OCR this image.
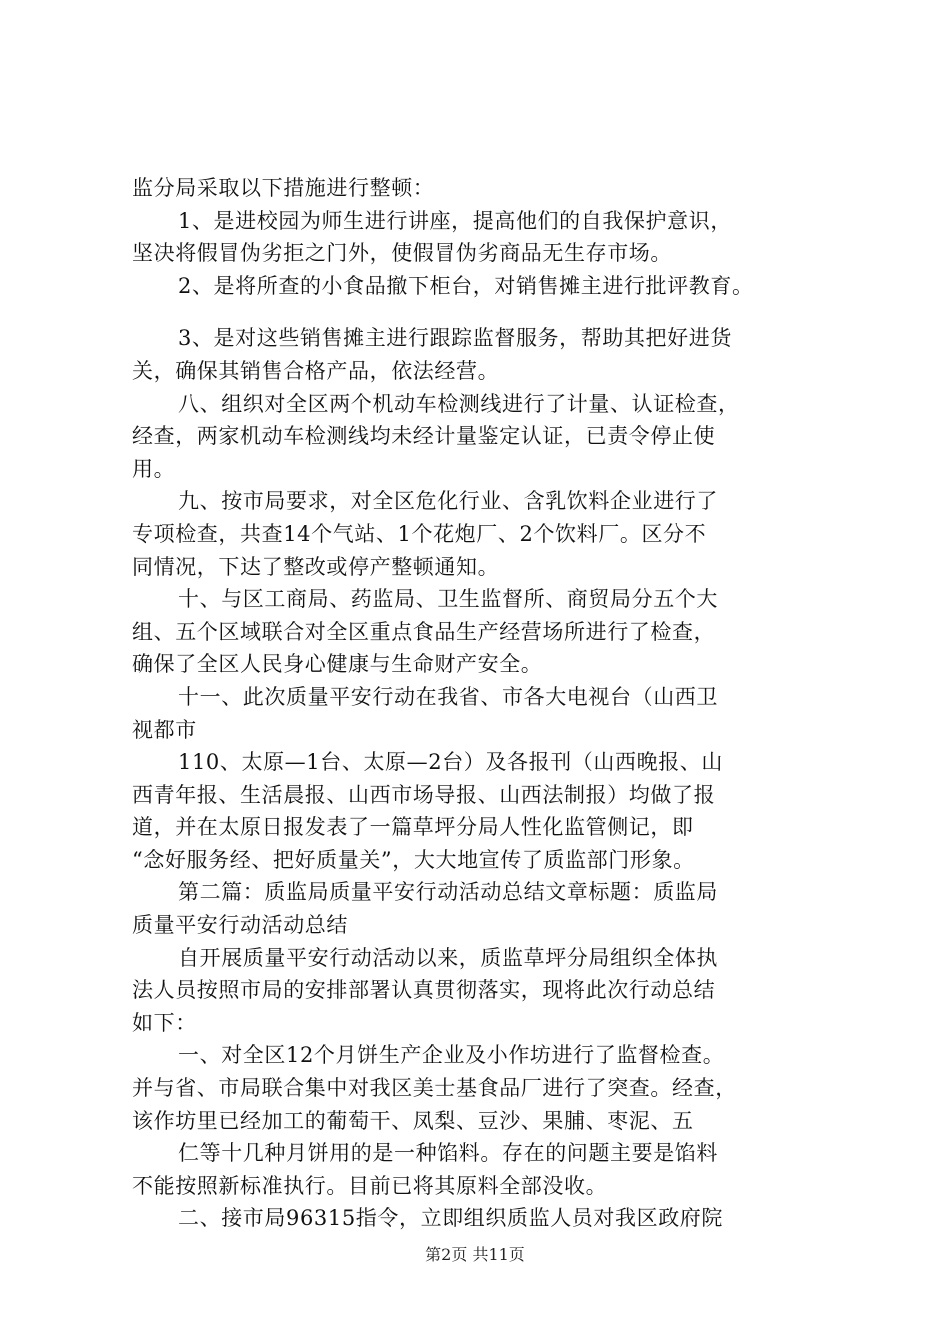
监分局采取以下措施进行整顿：
1、是进校园为师生进行讲座，提高他们的自我保护意识，
坚决将假冒伪劣拒之门外，使假冒伪劣商品无生存市场。
2、是将所查的小食品撤下柜台，对销售摊主进行批评教育。
3、是对这些销售摊主进行跟踪监督服务，帮助其把好进货
关，确保其销售合格产品，依法经营。
八、组织对全区两个机动车检测线进行了计量、认证检查，
经查，两家机动车检测线均未经计量鉴定认证，已责令停止使
用。
九、按市局要求，对全区危化行业、含乳饮料企业进行了
专项检查，共查14个气站、1个花炮厂、2个饮料厂。区分不
同情况，下达了整改或停产整顿通知。
十、与区工商局、药监局、卫生监督所、商贸局分五个大
组、五个区域联合对全区重点食品生产经营场所进行了检查，
确保了全区人民身心健康与生命财产安全。
十一、此次质量平安行动在我省、市各大电视台（山西卫
视都市
110、太原—1台、太原—2台）及各报刊（山西晚报、山
西青年报、生活晨报、山西市场导报、山西法制报）均做了报
道，并在太原日报发表了一篇草坪分局人性化监管侧记，即
“念好服务经、把好质量关”，大大地宣传了质监部门形象。
第二篇：质监局质量平安行动活动总结文章标题：质监局
质量平安行动活动总结
自开展质量平安行动活动以来，质监草坪分局组织全体执
法人员按照市局的安排部署认真贯彻落实，现将此次行动总结
如下：
一、对全区12个月饼生产企业及小作坊进行了监督检查。
并与省、市局联合集中对我区美士基食品厂进行了突查。经查，
该作坊里已经加工的葡萄干、凤梨、豆沙、果脯、枣泥、五
仁等十几种月饼用的是一种馅料。存在的问题主要是馅料
不能按照新标准执行。目前已将其原料全部没收。
二、接市局96315指令，立即组织质监人员对我区政府院
第2页 共11页
